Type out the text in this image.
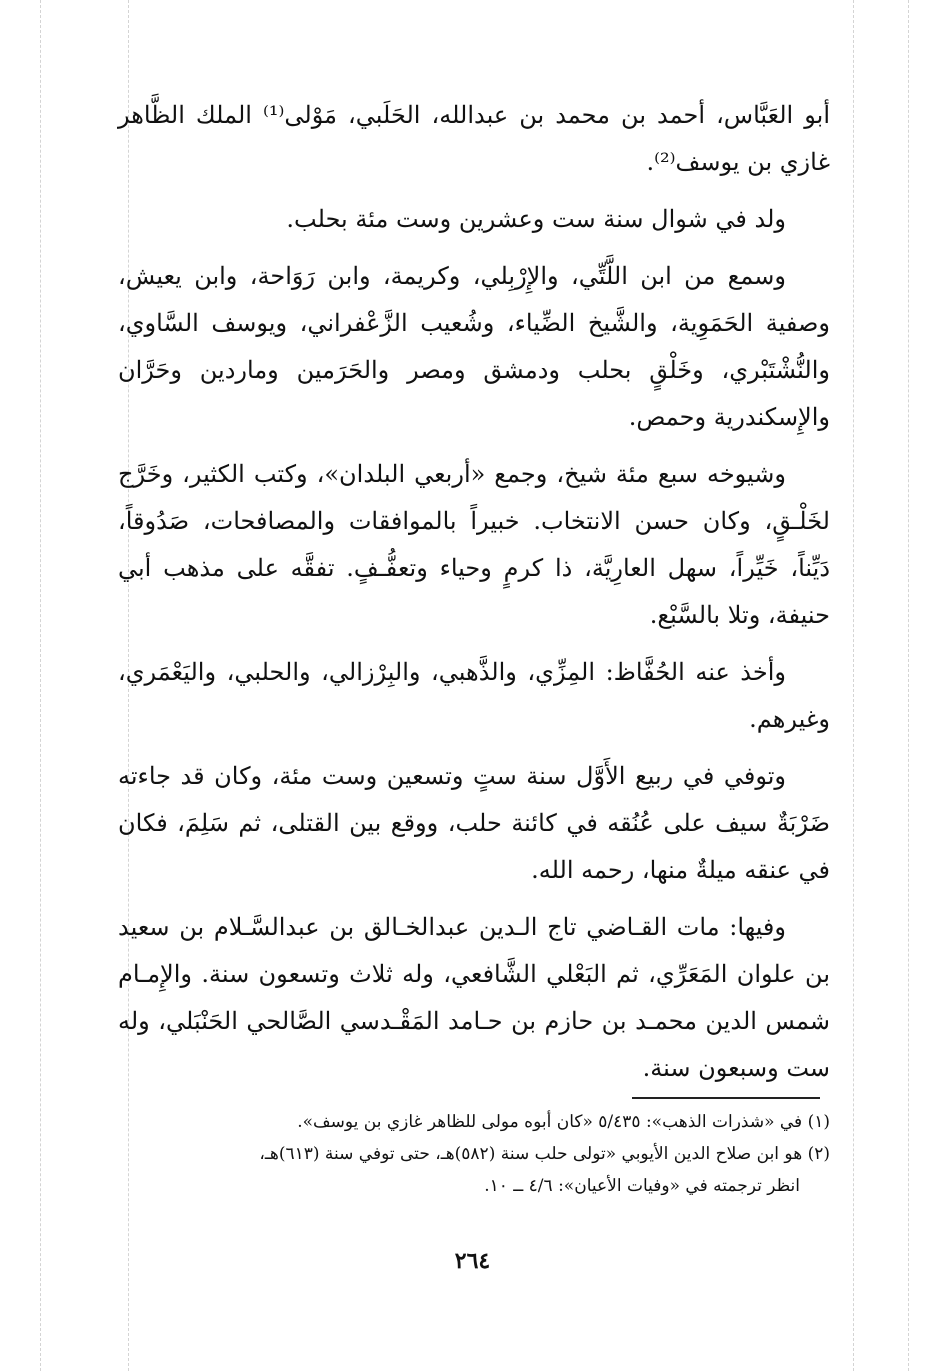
أبو العَبَّاس، أحمد بن محمد بن عبدالله، الحَلَبي، مَوْلى⁽¹⁾ الملك الظَّاهر غازي بن يوسف⁽²⁾.

ولد في شوال سنة ست وعشرين وست مئة بحلب.

وسمع من ابن اللَّتِّي، والإِرْبِلي، وكريمة، وابن رَوَاحة، وابن يعيش، وصفية الحَمَوِية، والشَّيخ الضِّياء، وشُعيب الزَّعْفراني، ويوسف السَّاوي، والنُّشْتَبْري، وخَلْقٍ بحلب ودمشق ومصر والحَرَمين وماردين وحَرَّان والإِسكندرية وحمص.

وشيوخه سبع مئة شيخ، وجمع «أربعي البلدان»، وكتب الكثير، وخَرَّج لخَلْـقٍ، وكان حسن الانتخاب. خبيراً بالموافقات والمصافحات، صَدُوقاً، دَيِّناً، خَيِّراً، سهل العارِيَّة، ذا كرمٍ وحياء وتعفُّـفٍ. تفقَّه على مذهب أبي حنيفة، وتلا بالسَّبْع.

وأخذ عنه الحُفَّاظ: المِزِّي، والذَّهبي، والبِرْزالي، والحلبي، واليَعْمَري، وغيرهم.

وتوفي في ربيع الأَوَّل سنة ستٍ وتسعين وست مئة، وكان قد جاءته ضَرْبَةٌ سيف على عُنُقه في كائنة حلب، ووقع بين القتلى، ثم سَلِمَ، فكان في عنقه ميلةٌ منها، رحمه الله.

وفيها: مات القـاضي تاج الـدين عبدالخـالق بن عبدالسَّـلام بن سعيد بن علوان المَعَرِّي، ثم البَعْلي الشَّافعي، وله ثلاث وتسعون سنة. والإِمـام شمس الدين محمـد بن حازم بن حـامد المَقْـدسي الصَّالحي الحَنْبَلي، وله ست وسبعون سنة.

(١) في «شذرات الذهب»: ٥/٤٣٥ «كان أبوه مولى للظاهر غازي بن يوسف».

(٢) هو ابن صلاح الدين الأيوبي «تولى حلب سنة (٥٨٢)هـ، حتى توفي سنة (٦١٣)هـ،

انظر ترجمته في «وفيات الأعيان»: ٤/٦ ــ ١٠.

٢٦٤
